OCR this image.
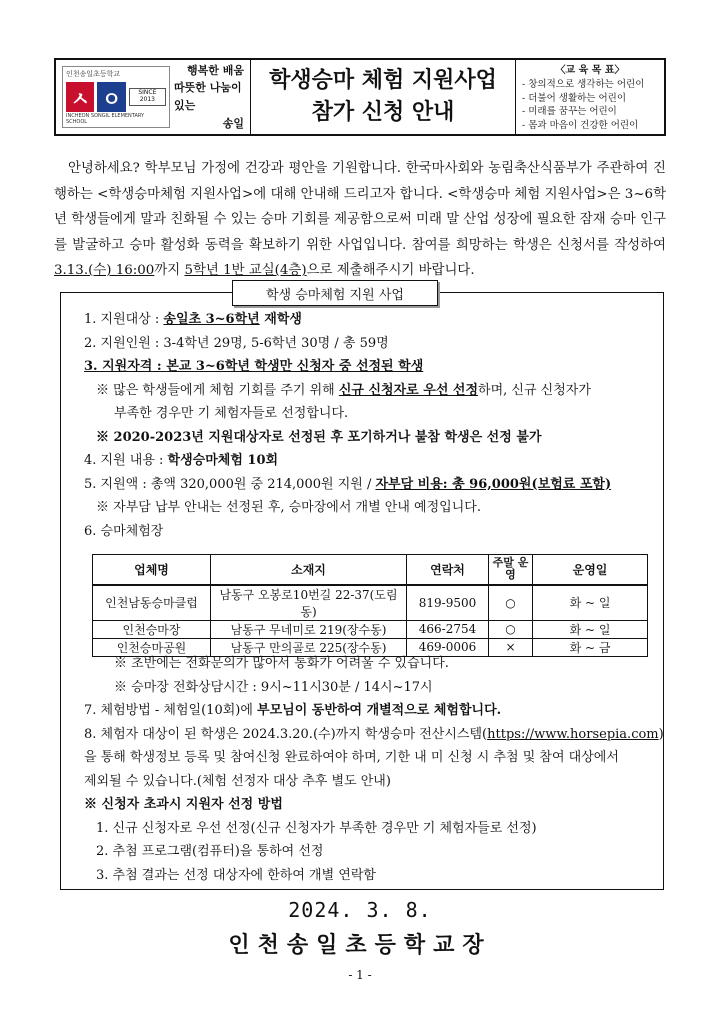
인천송일초등학교
ㅅ ㅇ	SINCE 2013
INCHEON SONGIL ELEMENTARY SCHOOL
행복한 배움
따뜻한 나눔이 있는
송일
학생승마 체험 지원사업
참가 신청 안내
〈교 육 목 표〉
- 창의적으로 생각하는 어린이
- 더불어 생활하는 어린이
- 미래를 꿈꾸는 어린이
- 몸과 마음이 건강한 어린이
안녕하세요? 학부모님 가정에 건강과 평안을 기원합니다. 한국마사회와 농림축산식품부가 주관하여 진행하는 <학생승마체험 지원사업>에 대해 안내해 드리고자 합니다. <학생승마 체험 지원사업>은 3~6학년 학생들에게 말과 친화될 수 있는 승마 기회를 제공함으로써 미래 말 산업 성장에 필요한 잠재 승마 인구를 발굴하고 승마 활성화 동력을 확보하기 위한 사업입니다. 참여를 희망하는 학생은 신청서를 작성하여 3.13.(수) 16:00까지 5학년 1반 교실(4층)으로 제출해주시기 바랍니다.
학생 승마체험 지원 사업
1. 지원대상 : 송일초 3~6학년 재학생
2. 지원인원 : 3-4학년 29명, 5-6학년 30명 / 총 59명
3. 지원자격 : 본교 3~6학년 학생만 신청자 중 선정된 학생
※ 많은 학생들에게 체험 기회를 주기 위해 신규 신청자로 우선 선정하며, 신규 신청자가
부족한 경우만 기 체험자들로 선정합니다.
※ 2020-2023년 지원대상자로 선정된 후 포기하거나 불참 학생은 선정 불가
4. 지원 내용 : 학생승마체험 10회
5. 지원액 : 총액 320,000원 중 214,000원 지원 / 자부담 비용: 총 96,000원(보험료 포함)
※ 자부담 납부 안내는 선정된 후, 승마장에서 개별 안내 예정입니다.
6. 승마체험장
업체명	소재지	연락처	주말 운영	운영일
인천남동승마클럽	남동구 오봉로10번길 22-37(도림동)	819-9500	○	화 ~ 일
인천승마장	남동구 무네미로 219(장수동)	466-2754	○	화 ~ 일
인천승마공원	남동구 만의골로 225(장수동)	469-0006	×	화 ~ 금
※ 초반에는 전화문의가 많아서 통화가 어려울 수 있습니다.
※ 승마장 전화상담시간 : 9시~11시30분 / 14시~17시
7. 체험방법 - 체험일(10회)에 부모님이 동반하여 개별적으로 체험합니다.
8. 체험자 대상이 된 학생은 2024.3.20.(수)까지 학생승마 전산시스템(https://www.horsepia.com)
을 통해 학생정보 등록 및 참여신청 완료하여야 하며, 기한 내 미 신청 시 추첨 및 참여 대상에서
제외될 수 있습니다.(체험 선정자 대상 추후 별도 안내)
※ 신청자 초과시 지원자 선정 방법
1. 신규 신청자로 우선 선정(신규 신청자가 부족한 경우만 기 체험자들로 선정)
2. 추첨 프로그램(컴퓨터)을 통하여 선정
3. 추첨 결과는 선정 대상자에 한하여 개별 연락함
2024. 3. 8.
인천송일초등학교장
- 1 -
